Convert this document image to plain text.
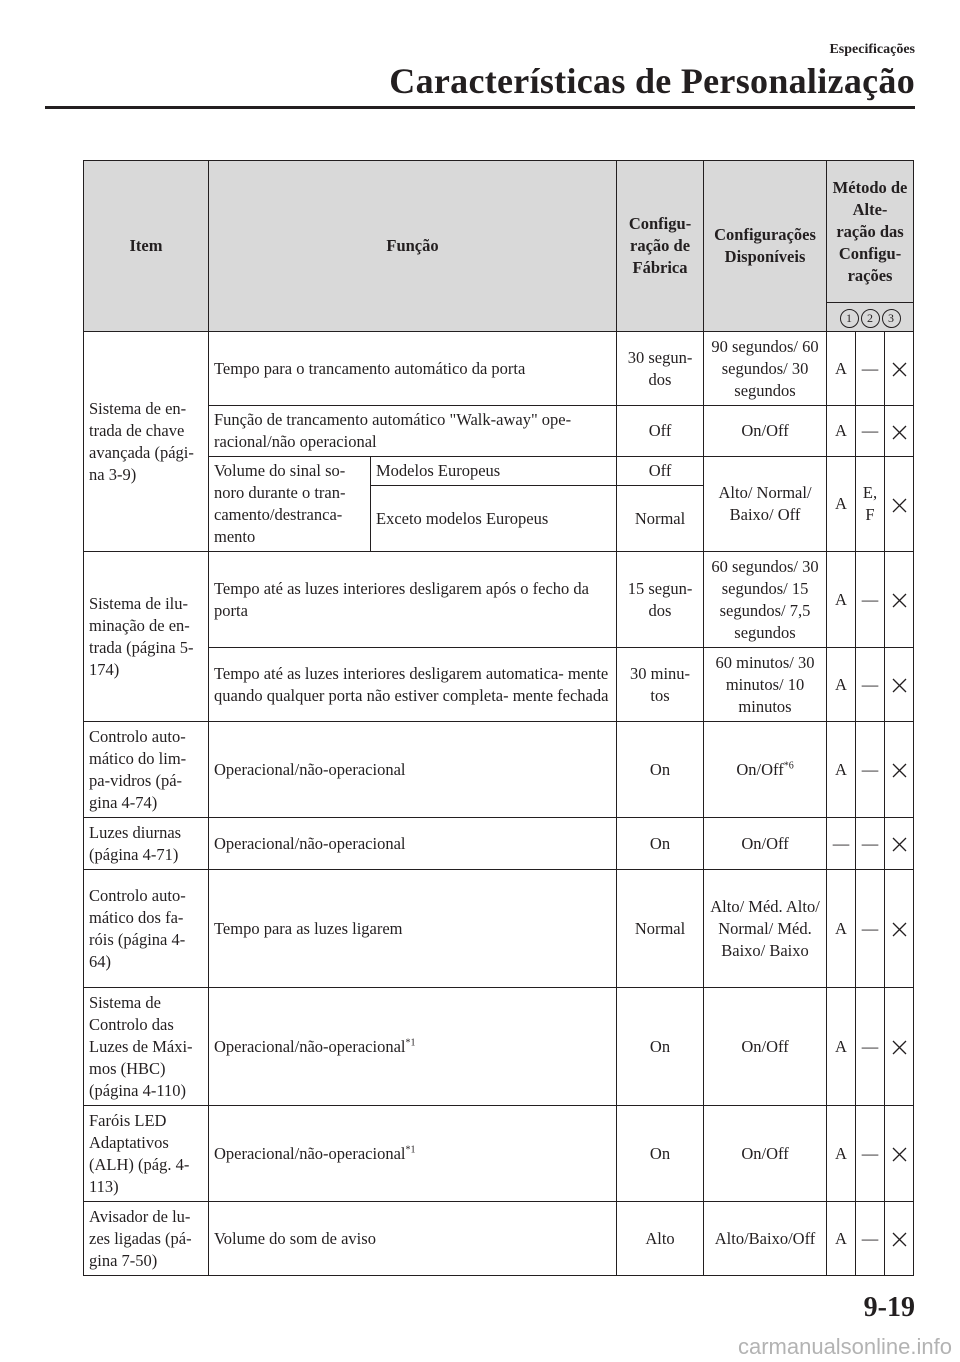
Especificações
Características de Personalização
Item	Função		Configu- ração de Fábrica	Configurações Disponíveis	Método de Alte- ração das Configu- rações		
					1 2 3		
Sistema de en- trada de chave avançada (pági- na 3-9)	Tempo para o trancamento automático da porta		30 segun- dos	90 segundos/ 60 segundos/ 30 segundos	A	—	
	Função de trancamento automático "Walk-away" ope- racional/não operacional		Off	On/Off	A	—	
	Volume do sinal so- noro durante o tran- camento/destranca- mento	Modelos Europeus	Off	Alto/ Normal/ Baixo/ Off	A	E, F	
		Exceto modelos Europeus	Normal				
Sistema de ilu- minação de en- trada (página 5-174)	Tempo até as luzes interiores desligarem após o fecho da porta		15 segun- dos	60 segundos/ 30 segundos/ 15 segundos/ 7,5 segundos	A	—	
	Tempo até as luzes interiores desligarem automatica- mente quando qualquer porta não estiver completa- mente fechada		30 minu- tos	60 minutos/ 30 minutos/ 10 minutos	A	—	
Controlo auto- mático do lim- pa-vidros (pá- gina 4-74)	Operacional/não-operacional		On	On/Off$^{*6}$	A	—	
Luzes diurnas (página 4-71)	Operacional/não-operacional		On	On/Off	—	—	
Controlo auto- mático dos fa- róis (página 4-64)	Tempo para as luzes ligarem		Normal	Alto/ Méd. Alto/ Normal/ Méd. Baixo/ Baixo	A	—	
Sistema de Controlo das Luzes de Máxi- mos (HBC) (página 4-110)	Operacional/não-operacional$^{*1}$		On	On/Off	A	—	
Faróis LED Adaptativos (ALH) (pág. 4-113)	Operacional/não-operacional$^{*1}$		On	On/Off	A	—	
Avisador de lu- zes ligadas (pá- gina 7-50)	Volume do som de aviso		Alto	Alto/Baixo/Off	A	—	
9-19
carmanualsonline.info
